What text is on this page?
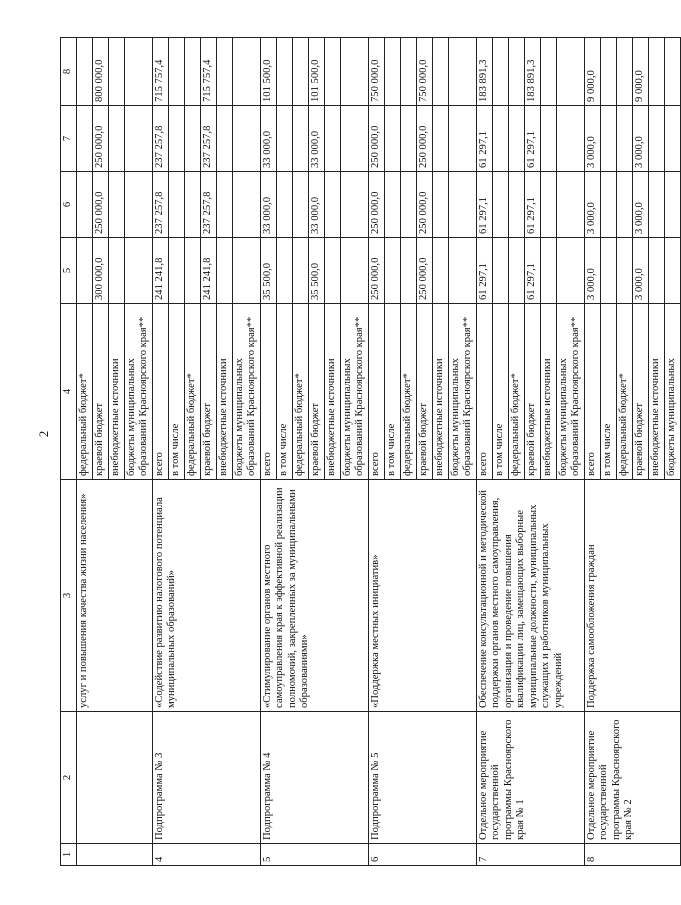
2
1	2	3	4	5	6	7	8
		услуг и повышения качества жизни населения»	федеральный бюджет*				
			краевой бюджет	300 000,0	250 000,0	250 000,0	800 000,0
			внебюджетные источники				
			бюджеты муниципальных образований Красноярского края**				
4	Подпрограмма № 3	«Содействие развитию налогового потенциала муниципальных образований»	всего	241 241,8	237 257,8	237 257,8	715 757,4
			в том числе				
			федеральный бюджет*				
			краевой бюджет	241 241,8	237 257,8	237 257,8	715 757,4
			внебюджетные источники				
			бюджеты муниципальных образований Красноярского края**				
5	Подпрограмма № 4	«Стимулирование органов местного самоуправления края к эффективной реализации полномочий, закрепленных за муниципальными образованиями»	всего	35 500,0	33 000,0	33 000,0	101 500,0
			в том числе				
			федеральный бюджет*				
			краевой бюджет	35 500,0	33 000,0	33 000,0	101 500,0
			внебюджетные источники				
			бюджеты муниципальных образований Красноярского края**				
6	Подпрограмма № 5	«Поддержка местных инициатив»	всего	250 000,0	250 000,0	250 000,0	750 000,0
			в том числе				
			федеральный бюджет*				
			краевой бюджет	250 000,0	250 000,0	250 000,0	750 000,0
			внебюджетные источники				
			бюджеты муниципальных образований Красноярского края**				
7	Отдельное мероприятие государственной программы Красноярского края № 1	Обеспечение консультационной и методической поддержки органов местного самоуправления, организация и проведение повышения квалификации лиц, замещающих выборные муниципальные должности, муниципальных служащих и работников муниципальных учреждений	всего	61 297,1	61 297,1	61 297,1	183 891,3
			в том числе				
			федеральный бюджет*				
			краевой бюджет	61 297,1	61 297,1	61 297,1	183 891,3
			внебюджетные источники				
			бюджеты муниципальных образований Красноярского края**				
8	Отдельное мероприятие государственной программы Красноярского края № 2	Поддержка самообложения граждан	всего	3 000,0	3 000,0	3 000,0	9 000,0
			в том числе				
			федеральный бюджет*				
			краевой бюджет	3 000,0	3 000,0	3 000,0	9 000,0
			внебюджетные источники				
			бюджеты муниципальных				
